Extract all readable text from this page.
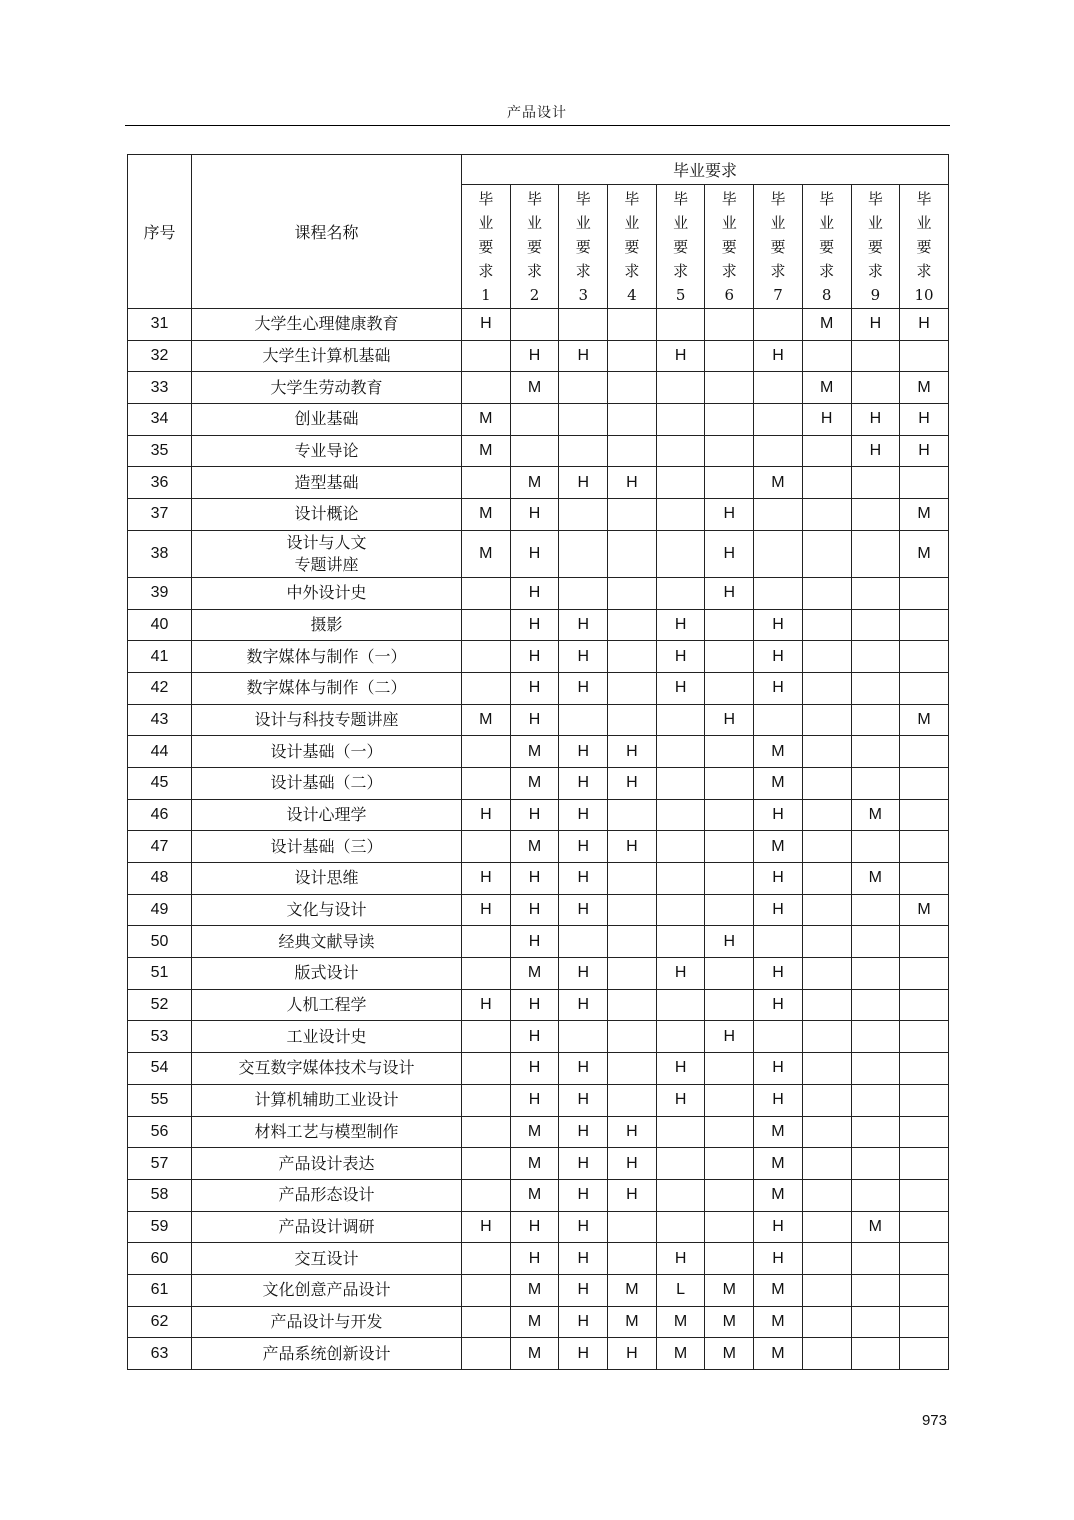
产品设计
序号	课程名称	毕业要求									

		毕
业
要
求
1	毕
业
要
求
2	毕
业
要
求
3	毕
业
要
求
4	毕
业
要
求
5	毕
业
要
求
6	毕
业
要
求
7	毕
业
要
求
8	毕
业
要
求
9	毕
业
要
求
10

31	大学生心理健康教育	H							M	H	H
32	大学生计算机基础		H	H		H		H			
33	大学生劳动教育		M						M		M
34	创业基础	M							H	H	H
35	专业导论	M								H	H
36	造型基础		M	H	H			M			
37	设计概论	M	H				H				M
38	设计与人文
专题讲座	M	H				H				M
39	中外设计史		H				H				
40	摄影		H	H		H		H			
41	数字媒体与制作（一）		H	H		H		H			
42	数字媒体与制作（二）		H	H		H		H			
43	设计与科技专题讲座	M	H				H				M
44	设计基础（一）		M	H	H			M			
45	设计基础（二）		M	H	H			M			
46	设计心理学	H	H	H				H		M	
47	设计基础（三）		M	H	H			M			
48	设计思维	H	H	H				H		M	
49	文化与设计	H	H	H				H			M
50	经典文献导读		H				H				
51	版式设计		M	H		H		H			
52	人机工程学	H	H	H				H			
53	工业设计史		H				H				
54	交互数字媒体技术与设计		H	H		H		H			
55	计算机辅助工业设计		H	H		H		H			
56	材料工艺与模型制作		M	H	H			M			
57	产品设计表达		M	H	H			M			
58	产品形态设计		M	H	H			M			
59	产品设计调研	H	H	H				H		M	
60	交互设计		H	H		H		H			
61	文化创意产品设计		M	H	M	L	M	M			
62	产品设计与开发		M	H	M	M	M	M			
63	产品系统创新设计		M	H	H	M	M	M			
973
